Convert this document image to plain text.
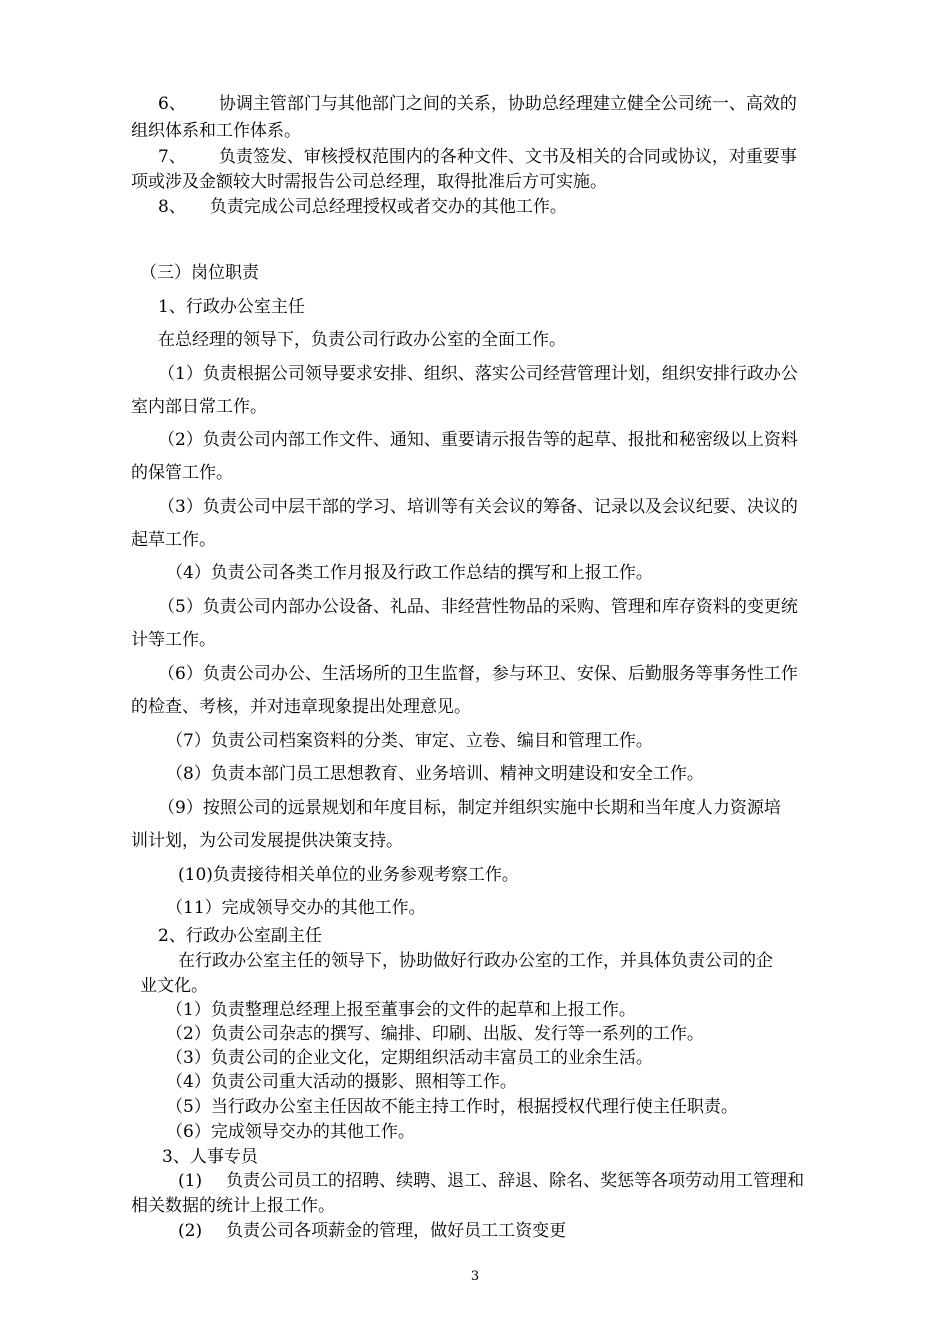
6、 协调主管部门与其他部门之间的关系，协助总经理建立健全公司统一、高效的
组织体系和工作体系。
7、 负责签发、审核授权范围内的各种文件、文书及相关的合同或协议，对重要事
项或涉及金额较大时需报告公司总经理，取得批准后方可实施。
8、 负责完成公司总经理授权或者交办的其他工作。
（三）岗位职责
1、行政办公室主任
在总经理的领导下，负责公司行政办公室的全面工作。
（1）负责根据公司领导要求安排、组织、落实公司经营管理计划，组织安排行政办公
室内部日常工作。
（2）负责公司内部工作文件、通知、重要请示报告等的起草、报批和秘密级以上资料
的保管工作。
（3）负责公司中层干部的学习、培训等有关会议的筹备、记录以及会议纪要、决议的
起草工作。
（4）负责公司各类工作月报及行政工作总结的撰写和上报工作。
（5）负责公司内部办公设备、礼品、非经营性物品的采购、管理和库存资料的变更统
计等工作。
（6）负责公司办公、生活场所的卫生监督，参与环卫、安保、后勤服务等事务性工作
的检查、考核，并对违章现象提出处理意见。
（7）负责公司档案资料的分类、审定、立卷、编目和管理工作。
（8）负责本部门员工思想教育、业务培训、精神文明建设和安全工作。
（9）按照公司的远景规划和年度目标，制定并组织实施中长期和当年度人力资源培
训计划，为公司发展提供决策支持。
(10)负责接待相关单位的业务参观考察工作。
（11）完成领导交办的其他工作。
2、行政办公室副主任
在行政办公室主任的领导下，协助做好行政办公室的工作，并具体负责公司的企
业文化。
（1）负责整理总经理上报至董事会的文件的起草和上报工作。
（2）负责公司杂志的撰写、编排、印刷、出版、发行等一系列的工作。
（3）负责公司的企业文化，定期组织活动丰富员工的业余生活。
（4）负责公司重大活动的摄影、照相等工作。
（5）当行政办公室主任因故不能主持工作时，根据授权代理行使主任职责。
（6）完成领导交办的其他工作。
3、人事专员
(1) 负责公司员工的招聘、续聘、退工、辞退、除名、奖惩等各项劳动用工管理和
相关数据的统计上报工作。
(2) 负责公司各项薪金的管理，做好员工工资变更
3
